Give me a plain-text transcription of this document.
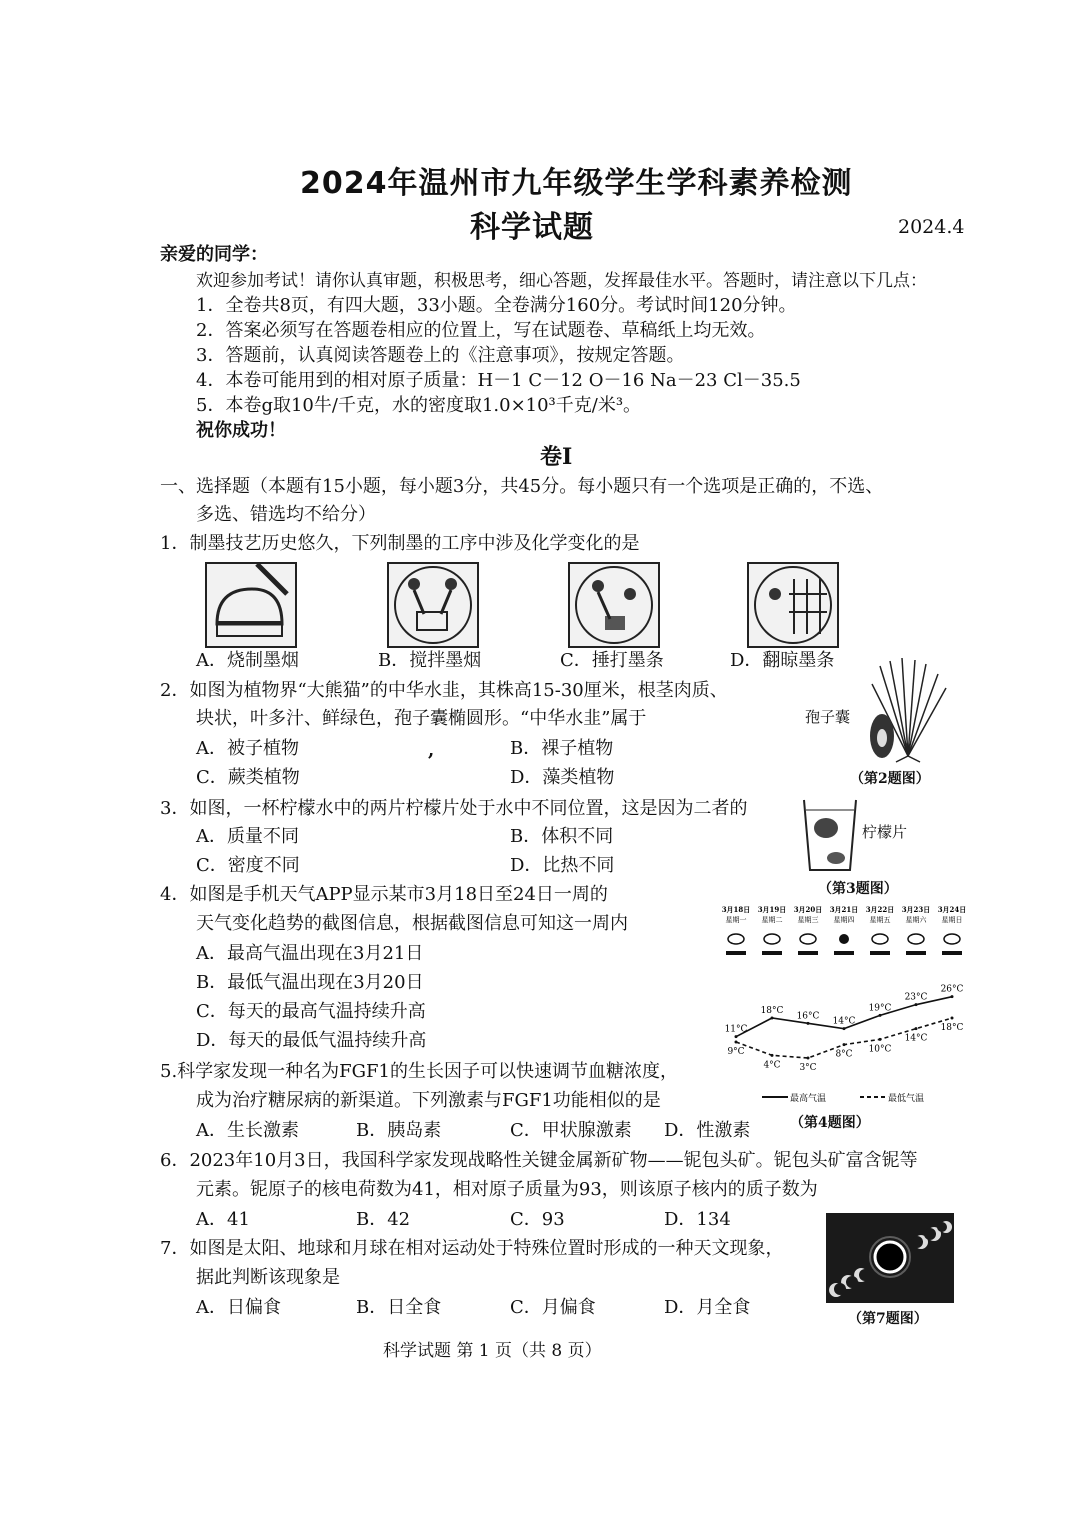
2024年温州市九年级学生学科素养检测
科学试题	2024.4
亲爱的同学：
欢迎参加考试！请你认真审题，积极思考，细心答题，发挥最佳水平。答题时，请注意以下几点：
1．全卷共8页，有四大题，33小题。全卷满分160分。考试时间120分钟。
2．答案必须写在答题卷相应的位置上，写在试题卷、草稿纸上均无效。
3．答题前，认真阅读答题卷上的《注意事项》，按规定答题。
4．本卷可能用到的相对原子质量：H－1 C－12 O－16 Na－23 Cl－35.5
5．本卷g取10牛/千克，水的密度取1.0×10³千克/米³。
祝你成功！
卷I
一、选择题（本题有15小题，每小题3分，共45分。每小题只有一个选项是正确的，不选、
多选、错选均不给分）
1．制墨技艺历史悠久，下列制墨的工序中涉及化学变化的是
A．烧制墨烟	B．搅拌墨烟	C．捶打墨条	D．翻晾墨条
2．如图为植物界“大熊猫”的中华水韭，其株高15-30厘米，根茎肉质、
块状，叶多汁、鲜绿色，孢子囊椭圆形。“中华水韭”属于
A．被子植物	,	B．裸子植物
C．蕨类植物	D．藻类植物
孢子囊
（第2题图）
3．如图，一杯柠檬水中的两片柠檬片处于水中不同位置，这是因为二者的
A．质量不同	B．体积不同
C．密度不同	D．比热不同
柠檬片
（第3题图）
4．如图是手机天气APP显示某市3月18日至24日一周的
天气变化趋势的截图信息，根据截图信息可知这一周内
A．最高气温出现在3月21日
B．最低气温出现在3月20日
C．每天的最高气温持续升高
D．每天的最低气温持续升高
3月18日
星期一
3月19日
星期二
3月20日
星期三
3月21日
星期四
3月22日
星期五
3月23日
星期六
3月24日
星期日
11°C
18°C
16°C
14°C
19°C
23°C
26°C
9°C
4°C 3°C
8°C
10°C
14°C
18°C
最高气温	最低气温
（第4题图）
5.科学家发现一种名为FGF1的生长因子可以快速调节血糖浓度，
成为治疗糖尿病的新渠道。下列激素与FGF1功能相似的是
A．生长激素	B．胰岛素	C．甲状腺激素 D．性激素
6．2023年10月3日，我国科学家发现战略性关键金属新矿物——铌包头矿。铌包头矿富含铌等
元素。铌原子的核电荷数为41，相对原子质量为93，则该原子核内的质子数为
A．41	B．42	C．93	D．134
7．如图是太阳、地球和月球在相对运动处于特殊位置时形成的一种天文现象，
据此判断该现象是
A．日偏食	B．日全食	C．月偏食	D．月全食
（第7题图）
科学试题 第 1 页（共 8 页）
